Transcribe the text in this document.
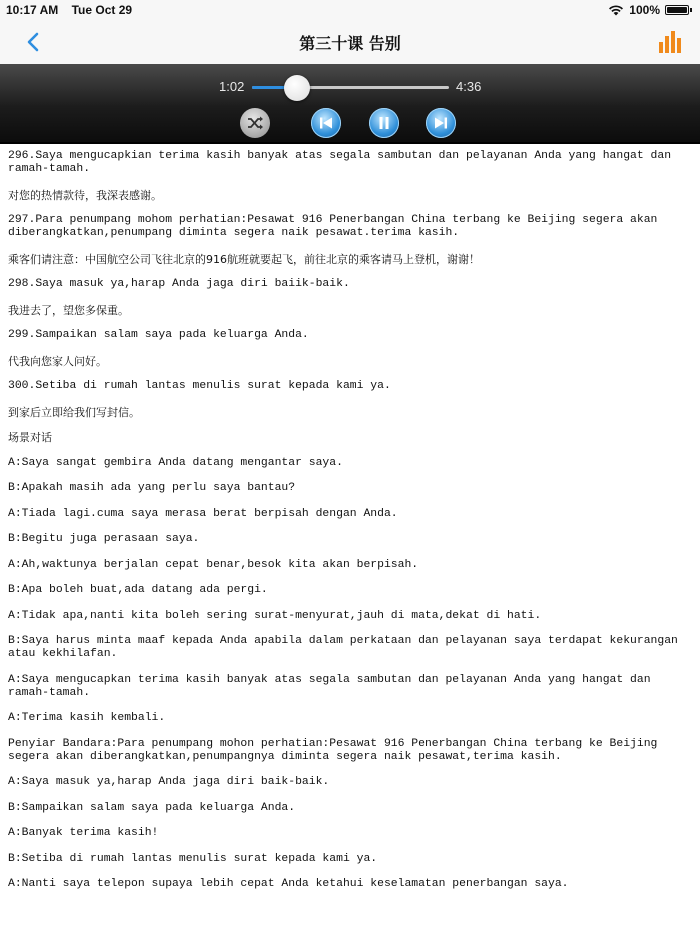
10:17 AM Tue Oct 29	100%
第三十课 告别
1:02	4:36

296.Saya mengucapkian terima kasih banyak atas segala sambutan dan pelayanan Anda yang hangat dan ramah-tamah.

对您的热情款待，我深表感谢。

297.Para penumpang mohom perhatian:Pesawat 916 Penerbangan China terbang ke Beijing segera akan diberangkatkan,penumpang diminta segera naik pesawat.terima kasih.

乘客们请注意：中国航空公司飞往北京的916航班就要起飞，前往北京的乘客请马上登机，谢谢！

298.Saya masuk ya,harap Anda jaga diri baiik-baik.

我进去了，望您多保重。

299.Sampaikan salam saya pada keluarga Anda.

代我向您家人问好。

300.Setiba di rumah lantas menulis surat kepada kami ya.

到家后立即给我们写封信。

场景对话

A:Saya sangat gembira Anda datang mengantar saya.

B:Apakah masih ada yang perlu saya bantau?

A:Tiada lagi.cuma saya merasa berat berpisah dengan Anda.

B:Begitu juga perasaan saya.

A:Ah,waktunya berjalan cepat benar,besok kita akan berpisah.

B:Apa boleh buat,ada datang ada pergi.

A:Tidak apa,nanti kita boleh sering surat-menyurat,jauh di mata,dekat di hati.

B:Saya harus minta maaf kepada Anda apabila dalam perkataan dan pelayanan saya terdapat kekurangan atau kekhilafan.

A:Saya mengucapkan terima kasih banyak atas segala sambutan dan pelayanan Anda yang hangat dan ramah-tamah.

A:Terima kasih kembali.

Penyiar Bandara:Para penumpang mohon perhatian:Pesawat 916 Penerbangan China terbang ke Beijing segera akan diberangkatkan,penumpangnya diminta segera naik pesawat,terima kasih.

A:Saya masuk ya,harap Anda jaga diri baik-baik.

B:Sampaikan salam saya pada keluarga Anda.

A:Banyak terima kasih!

B:Setiba di rumah lantas menulis surat kepada kami ya.

A:Nanti saya telepon supaya lebih cepat Anda ketahui keselamatan penerbangan saya.
